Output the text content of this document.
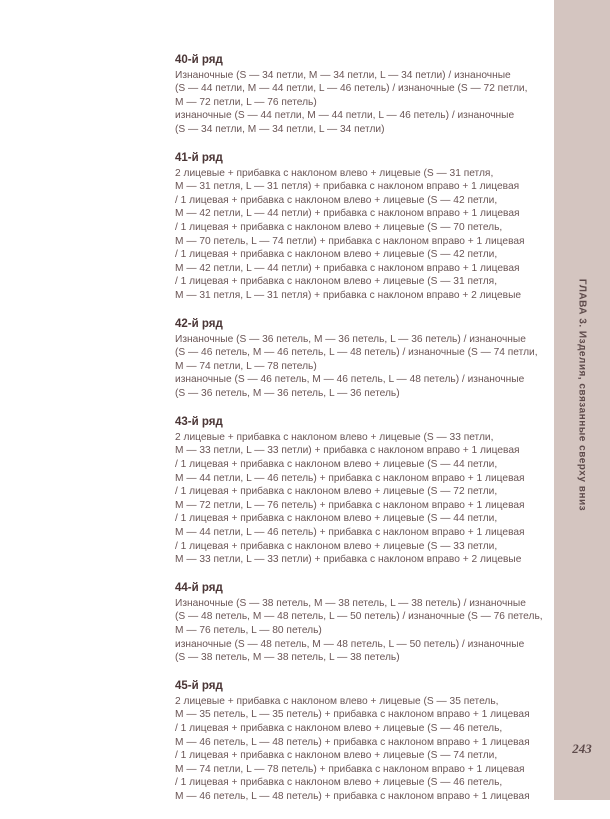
ГЛАВА 3. Изделия, связанные сверху вниз
243
40-й ряд
Изнаночные (S — 34 петли, M — 34 петли, L — 34 петли) / изнаночные
(S — 44 петли, M — 44 петли, L — 46 петель) / изнаночные (S — 72 петли,
M — 72 петли, L — 76 петель)
изнаночные (S — 44 петли, M — 44 петли, L — 46 петель) / изнаночные
(S — 34 петли, M — 34 петли, L — 34 петли)
41-й ряд
2 лицевые + прибавка с наклоном влево + лицевые (S — 31 петля,
M — 31 петля, L — 31 петля) + прибавка с наклоном вправо + 1 лицевая
/ 1 лицевая + прибавка с наклоном влево + лицевые (S — 42 петли,
M — 42 петли, L — 44 петли) + прибавка с наклоном вправо + 1 лицевая
/ 1 лицевая + прибавка с наклоном влево + лицевые (S — 70 петель,
M — 70 петель, L — 74 петли) + прибавка с наклоном вправо + 1 лицевая
/ 1 лицевая + прибавка с наклоном влево + лицевые (S — 42 петли,
M — 42 петли, L — 44 петли) + прибавка с наклоном вправо + 1 лицевая
/ 1 лицевая + прибавка с наклоном влево + лицевые (S — 31 петля,
M — 31 петля, L — 31 петля) + прибавка с наклоном вправо + 2 лицевые
42-й ряд
Изнаночные (S — 36 петель, M — 36 петель, L — 36 петель) / изнаночные
(S — 46 петель, M — 46 петель, L — 48 петель) / изнаночные (S — 74 петли,
M — 74 петли, L — 78 петель)
изнаночные (S — 46 петель, M — 46 петель, L — 48 петель) / изнаночные
(S — 36 петель, M — 36 петель, L — 36 петель)
43-й ряд
2 лицевые + прибавка с наклоном влево + лицевые (S — 33 петли,
M — 33 петли, L — 33 петли) + прибавка с наклоном вправо + 1 лицевая
/ 1 лицевая + прибавка с наклоном влево + лицевые (S — 44 петли,
M — 44 петли, L — 46 петель) + прибавка с наклоном вправо + 1 лицевая
/ 1 лицевая + прибавка с наклоном влево + лицевые (S — 72 петли,
M — 72 петли, L — 76 петель) + прибавка с наклоном вправо + 1 лицевая
/ 1 лицевая + прибавка с наклоном влево + лицевые (S — 44 петли,
M — 44 петли, L — 46 петель) + прибавка с наклоном вправо + 1 лицевая
/ 1 лицевая + прибавка с наклоном влево + лицевые (S — 33 петли,
M — 33 петли, L — 33 петли) + прибавка с наклоном вправо + 2 лицевые
44-й ряд
Изнаночные (S — 38 петель, M — 38 петель, L — 38 петель) / изнаночные
(S — 48 петель, M — 48 петель, L — 50 петель) / изнаночные (S — 76 петель,
M — 76 петель, L — 80 петель)
изнаночные (S — 48 петель, M — 48 петель, L — 50 петель) / изнаночные
(S — 38 петель, M — 38 петель, L — 38 петель)
45-й ряд
2 лицевые + прибавка с наклоном влево + лицевые (S — 35 петель,
M — 35 петель, L — 35 петель) + прибавка с наклоном вправо + 1 лицевая
/ 1 лицевая + прибавка с наклоном влево + лицевые (S — 46 петель,
M — 46 петель, L — 48 петель) + прибавка с наклоном вправо + 1 лицевая
/ 1 лицевая + прибавка с наклоном влево + лицевые (S — 74 петли,
M — 74 петли, L — 78 петель) + прибавка с наклоном вправо + 1 лицевая
/ 1 лицевая + прибавка с наклоном влево + лицевые (S — 46 петель,
M — 46 петель, L — 48 петель) + прибавка с наклоном вправо + 1 лицевая
